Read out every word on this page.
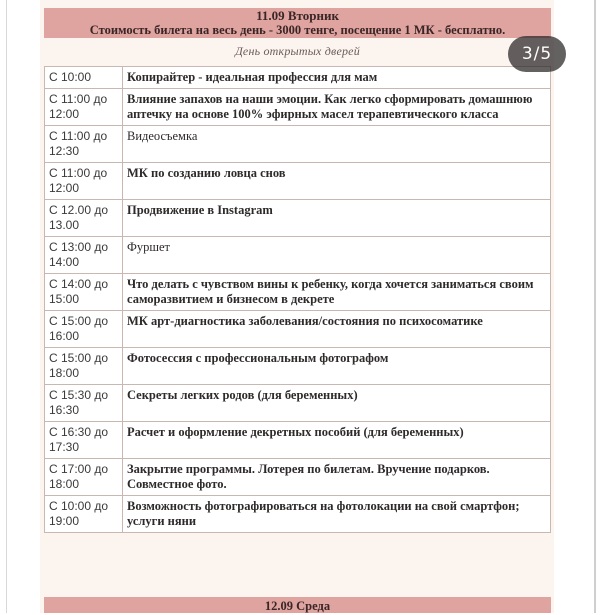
11.09 Вторник
Стоимость билета на весь день - 3000 тенге, посещение 1 МК - бесплатно.
День открытых дверей
С 10:00	Копирайтер - идеальная профессия для мам
С 11:00 до 12:00	Влияние запахов на наши эмоции. Как легко сформировать домашнюю аптечку на основе 100% эфирных масел терапевтического класса
С 11:00 до 12:30	Видеосъемка
С 11:00 до 12:00	МК по созданию ловца снов
С 12.00 до 13.00	Продвижение в Instagram
С 13:00 до 14:00	Фуршет
С 14:00 до 15:00	Что делать с чувством вины к ребенку, когда хочется заниматься своим саморазвитием и бизнесом в декрете
С 15:00 до 16:00	МК арт-диагностика заболевания/состояния по психосоматике
С 15:00 до 18:00	Фотосессия с профессиональным фотографом
С 15:30 до 16:30	Секреты легких родов (для беременных)
С 16:30 до 17:30	Расчет и оформление декретных пособий (для беременных)
С 17:00 до 18:00	Закрытие программы. Лотерея по билетам. Вручение подарков. Совместное фото.
С 10:00 до 19:00	Возможность фотографироваться на фотолокации на свой смартфон; услуги няни
12.09 Среда
3/5
